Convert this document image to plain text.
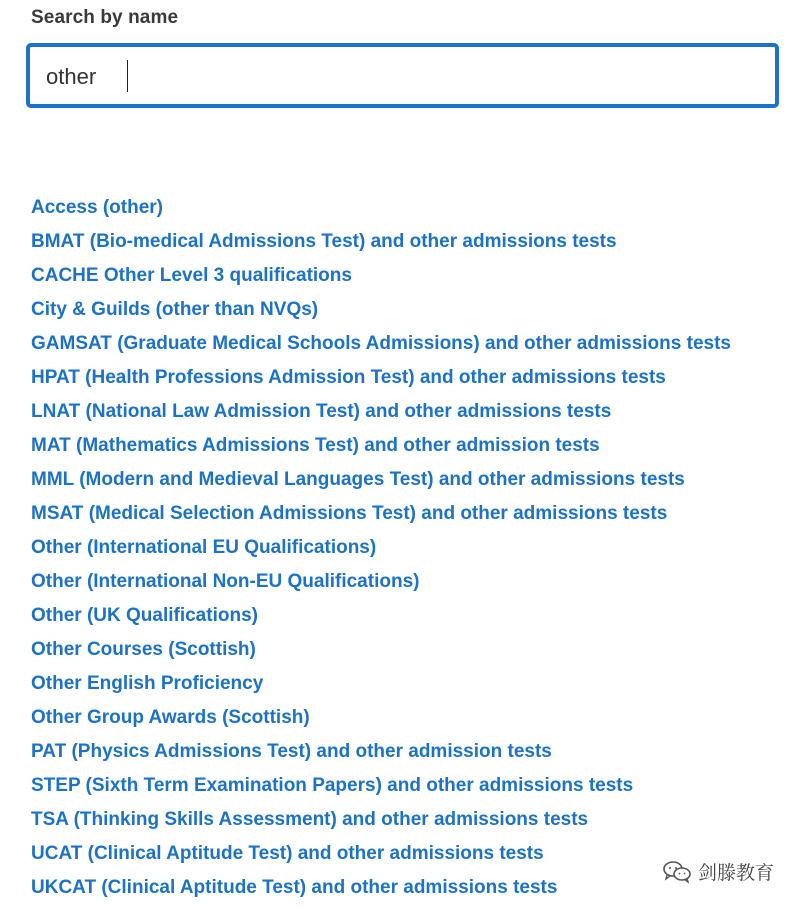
Search by name
other
Access (other)
BMAT (Bio-medical Admissions Test) and other admissions tests
CACHE Other Level 3 qualifications
City & Guilds (other than NVQs)
GAMSAT (Graduate Medical Schools Admissions) and other admissions tests
HPAT (Health Professions Admission Test) and other admissions tests
LNAT (National Law Admission Test) and other admissions tests
MAT (Mathematics Admissions Test) and other admission tests
MML (Modern and Medieval Languages Test) and other admissions tests
MSAT (Medical Selection Admissions Test) and other admissions tests
Other (International EU Qualifications)
Other (International Non-EU Qualifications)
Other (UK Qualifications)
Other Courses (Scottish)
Other English Proficiency
Other Group Awards (Scottish)
PAT (Physics Admissions Test) and other admission tests
STEP (Sixth Term Examination Papers) and other admissions tests
TSA (Thinking Skills Assessment) and other admissions tests
UCAT (Clinical Aptitude Test) and other admissions tests
UKCAT (Clinical Aptitude Test) and other admissions tests
剑滕教育
